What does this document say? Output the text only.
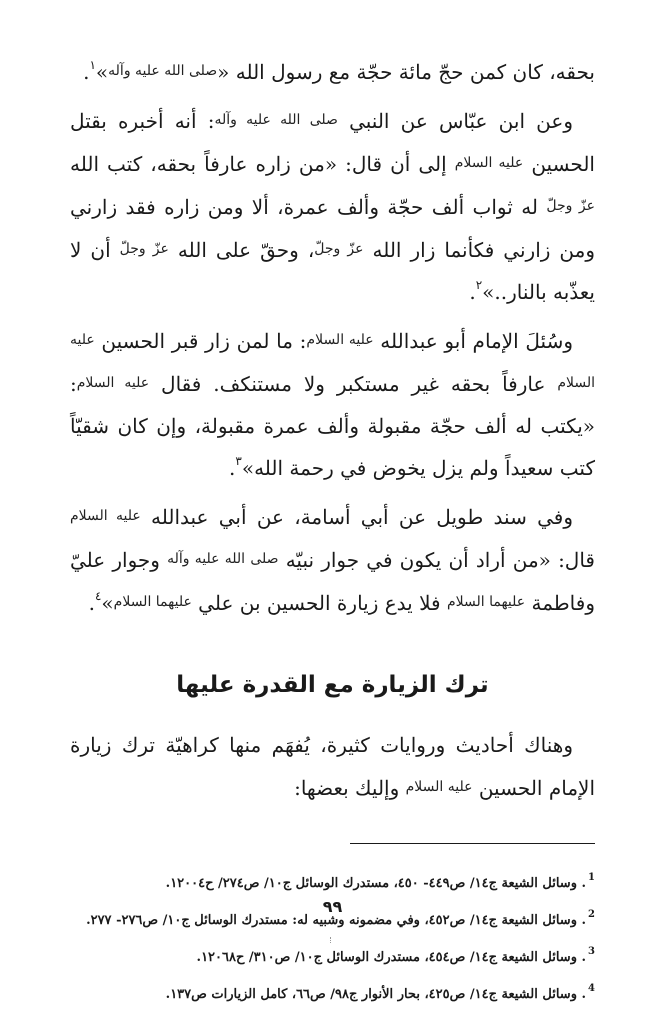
بحقه، كان كمن حجّ مائة حجّة مع رسول الله «$^{صلى الله عليه وآله}$»$^١$.

وعن ابن عبّاس عن النبي $^{صلى الله عليه وآله}$: أنه أخبره بقتل الحسين $^{عليه السلام}$ إلى أن قال: «من زاره عارفاً بحقه، كتب الله $^{عزّ وجلّ}$ له ثواب ألف حجّة وألف عمرة، ألا ومن زاره فقد زارني ومن زارني فكأنما زار الله $^{عزّ وجلّ}$، وحقّ على الله $^{عزّ وجلّ}$ أن لا يعذّبه بالنار..»$^٢$.

وسُئلَ الإمام أبو عبدالله $^{عليه السلام}$: ما لمن زار قبر الحسين $^{عليه السلام}$ عارفاً بحقه غير مستكبر ولا مستنكف. فقال $^{عليه السلام}$: «يكتب له ألف حجّة مقبولة وألف عمرة مقبولة، وإن كان شقيّاً كتب سعيداً ولم يزل يخوض في رحمة الله»$^٣$.

وفي سند طويل عن أبي أسامة، عن أبي عبدالله $^{عليه السلام}$ قال: «من أراد أن يكون في جوار نبيّه $^{صلى الله عليه وآله}$ وجوار عليّ وفاطمة $^{عليهما السلام}$ فلا يدع زيارة الحسين بن علي $^{عليهما السلام}$»$^٤$.

ترك الزيارة مع القدرة عليها

وهناك أحاديث وروايات كثيرة، يُفهَم منها كراهيّة ترك زيارة الإمام الحسين $^{عليه السلام}$ وإليك بعضها:

$^1$. وسائل الشيعة ج١٤/ ص٤٤٩- ٤٥٠، مستدرك الوسائل ج١٠/ ص٢٧٤/ ح١٢٠٠٤.

$^2$. وسائل الشيعة ج١٤/ ص٤٥٢، وفي مضمونه وشبيه له: مستدرك الوسائل ج١٠/ ص٢٧٦- ٢٧٧.

$^3$. وسائل الشيعة ج١٤/ ص٤٥٤، مستدرك الوسائل ج١٠/ ص٣١٠/ ح١٢٠٦٨.

$^4$. وسائل الشيعة ج١٤/ ص٤٢٥، بحار الأنوار ج٩٨/ ص٦٦، كامل الزيارات ص١٣٧.

٩٩
